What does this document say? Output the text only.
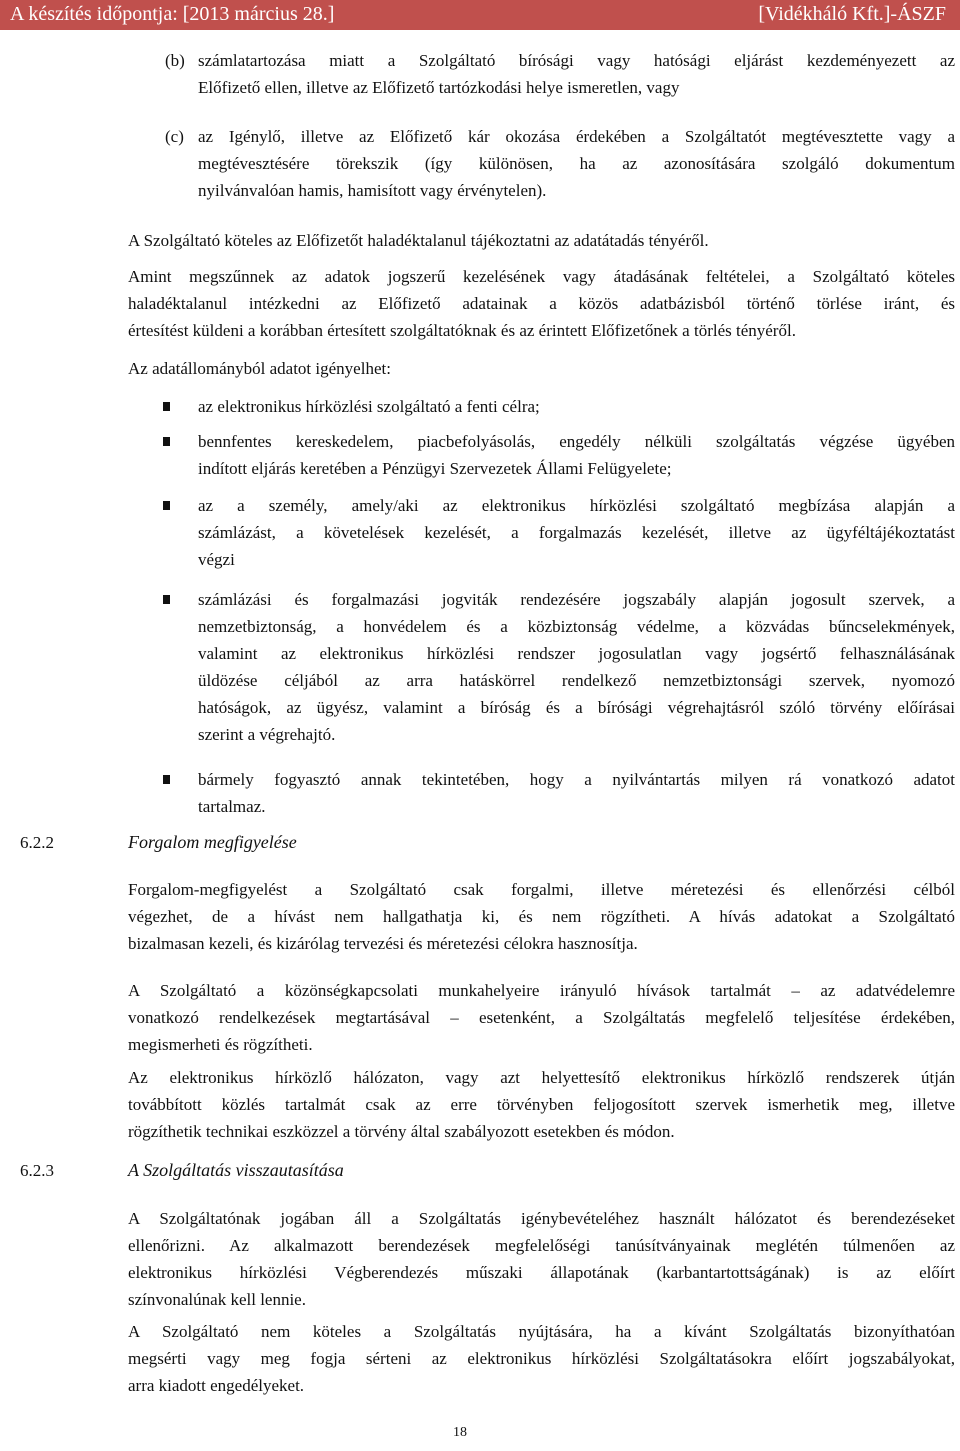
A készítés időpontja: [2013 március 28.]	[Vidékháló Kft.]-ÁSZF
(b) számlatartozása miatt a Szolgáltató bírósági vagy hatósági eljárást kezdeményezett az
Előfizető ellen, illetve az Előfizető tartózkodási helye ismeretlen, vagy
(c) az Igénylő, illetve az Előfizető kár okozása érdekében a Szolgáltatót megtévesztette vagy a
megtévesztésére törekszik (így különösen, ha az azonosítására szolgáló dokumentum
nyilvánvalóan hamis, hamisított vagy érvénytelen).
A Szolgáltató köteles az Előfizetőt haladéktalanul tájékoztatni az adatátadás tényéről.
Amint megszűnnek az adatok jogszerű kezelésének vagy átadásának feltételei, a Szolgáltató köteles
haladéktalanul intézkedni az Előfizető adatainak a közös adatbázisból történő törlése iránt, és
értesítést küldeni a korábban értesített szolgáltatóknak és az érintett Előfizetőnek a törlés tényéről.
Az adatállományból adatot igényelhet:
az elektronikus hírközlési szolgáltató a fenti célra;
bennfentes kereskedelem, piacbefolyásolás, engedély nélküli szolgáltatás végzése ügyében
indított eljárás keretében a Pénzügyi Szervezetek Állami Felügyelete;
az a személy, amely/aki az elektronikus hírközlési szolgáltató megbízása alapján a
számlázást, a követelések kezelését, a forgalmazás kezelését, illetve az ügyféltájékoztatást
végzi
számlázási és forgalmazási jogviták rendezésére jogszabály alapján jogosult szervek, a
nemzetbiztonság, a honvédelem és a közbiztonság védelme, a közvádas bűncselekmények,
valamint az elektronikus hírközlési rendszer jogosulatlan vagy jogsértő felhasználásának
üldözése céljából az arra hatáskörrel rendelkező nemzetbiztonsági szervek, nyomozó
hatóságok, az ügyész, valamint a bíróság és a bírósági végrehajtásról szóló törvény előírásai
szerint a végrehajtó.
bármely fogyasztó annak tekintetében, hogy a nyilvántartás milyen rá vonatkozó adatot
tartalmaz.
6.2.2	Forgalom megfigyelése
Forgalom-megfigyelést a Szolgáltató csak forgalmi, illetve méretezési és ellenőrzési célból
végezhet, de a hívást nem hallgathatja ki, és nem rögzítheti. A hívás adatokat a Szolgáltató
bizalmasan kezeli, és kizárólag tervezési és méretezési célokra hasznosítja.
A Szolgáltató a közönségkapcsolati munkahelyeire irányuló hívások tartalmát – az adatvédelemre
vonatkozó rendelkezések megtartásával – esetenként, a Szolgáltatás megfelelő teljesítése érdekében,
megismerheti és rögzítheti.
Az elektronikus hírközlő hálózaton, vagy azt helyettesítő elektronikus hírközlő rendszerek útján
továbbított közlés tartalmát csak az erre törvényben feljogosított szervek ismerhetik meg, illetve
rögzíthetik technikai eszközzel a törvény által szabályozott esetekben és módon.
6.2.3	A Szolgáltatás visszautasítása
A Szolgáltatónak jogában áll a Szolgáltatás igénybevételéhez használt hálózatot és berendezéseket
ellenőrizni. Az alkalmazott berendezések megfelelőségi tanúsítványainak meglétén túlmenően az
elektronikus hírközlési Végberendezés műszaki állapotának (karbantartottságának) is az előírt
színvonalúnak kell lennie.
A Szolgáltató nem köteles a Szolgáltatás nyújtására, ha a kívánt Szolgáltatás bizonyíthatóan
megsérti vagy meg fogja sérteni az elektronikus hírközlési Szolgáltatásokra előírt jogszabályokat,
arra kiadott engedélyeket.
18
